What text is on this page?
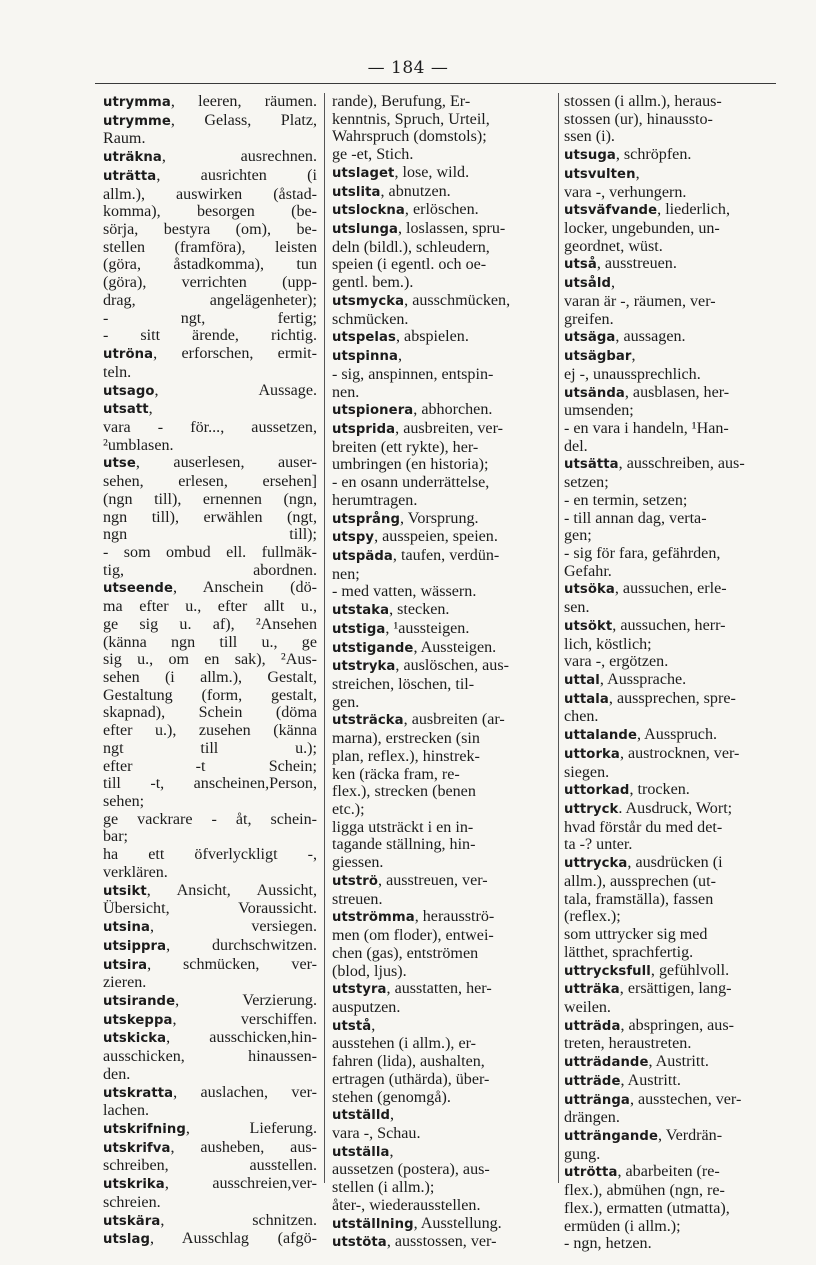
— 184 —
utrymma, leeren, räumen.
utrymme, Gelass, Platz,
Raum.
uträkna, ausrechnen.
uträtta, ausrichten (i
allm.), auswirken (åstad-
komma), besorgen (be-
sörja, bestyra (om), be-
stellen (framföra), leisten
(göra, åstadkomma), tun
(göra), verrichten (upp-
drag, angelägenheter);
- ngt, fertig;
- sitt ärende, richtig.
utröna, erforschen, ermit-
teln.
utsago, Aussage.
utsatt,
vara - för..., aussetzen,
²umblasen.
utse, auserlesen, auser-
sehen, erlesen, ersehen]
(ngn till), ernennen (ngn,
ngn till), erwählen (ngt,
ngn till);
- som ombud ell. fullmäk-
tig, abordnen.
utseende, Anschein (dö-
ma efter u., efter allt u.,
ge sig u. af), ²Ansehen
(känna ngn till u., ge
sig u., om en sak), ²Aus-
sehen (i allm.), Gestalt,
Gestaltung (form, gestalt,
skapnad), Schein (döma
efter u.), zusehen (känna
ngt till u.);
efter -t Schein;
till -t, anscheinen,Person,
sehen;
ge vackrare - åt, schein-
bar;
ha ett öfverlyckligt -,
verklären.
utsikt, Ansicht, Aussicht,
Übersicht, Voraussicht.
utsina, versiegen.
utsippra, durchschwitzen.
utsira, schmücken, ver-
zieren.
utsirande, Verzierung.
utskeppa, verschiffen.
utskicka, ausschicken,hin-
ausschicken, hinaussen-
den.
utskratta, auslachen, ver-
lachen.
utskrifning, Lieferung.
utskrifva, ausheben, aus-
schreiben, ausstellen.
utskrika, ausschreien,ver-
schreien.
utskära, schnitzen.
utslag, Ausschlag (afgö-
rande), Berufung, Er-
kenntnis, Spruch, Urteil,
Wahrspruch (domstols);
ge -et, Stich.
utslaget, lose, wild.
utslita, abnutzen.
utslockna, erlöschen.
utslunga, loslassen, spru-
deln (bildl.), schleudern,
speien (i egentl. och oe-
gentl. bem.).
utsmycka, ausschmücken,
schmücken.
utspelas, abspielen.
utspinna,
- sig, anspinnen, entspin-
nen.
utspionera, abhorchen.
utsprida, ausbreiten, ver-
breiten (ett rykte), her-
umbringen (en historia);
- en osann underrättelse,
herumtragen.
utsprång, Vorsprung.
utspy, ausspeien, speien.
utspäda, taufen, verdün-
nen;
- med vatten, wässern.
utstaka, stecken.
utstiga, ¹aussteigen.
utstigande, Aussteigen.
utstryka, auslöschen, aus-
streichen, löschen, til-
gen.
utsträcka, ausbreiten (ar-
marna), erstrecken (sin
plan, reflex.), hinstrek-
ken (räcka fram, re-
flex.), strecken (benen
etc.);
ligga utsträckt i en in-
tagande ställning, hin-
giessen.
utströ, ausstreuen, ver-
streuen.
utströmma, herausströ-
men (om floder), entwei-
chen (gas), entströmen
(blod, ljus).
utstyra, ausstatten, her-
ausputzen.
utstå,
ausstehen (i allm.), er-
fahren (lida), aushalten,
ertragen (uthärda), über-
stehen (genomgå).
utställd,
vara -, Schau.
utställa,
aussetzen (postera), aus-
stellen (i allm.);
åter-, wiederausstellen.
utställning, Ausstellung.
utstöta, ausstossen, ver-
stossen (i allm.), heraus-
stossen (ur), hinaussto-
ssen (i).
utsuga, schröpfen.
utsvulten,
vara -, verhungern.
utsväfvande, liederlich,
locker, ungebunden, un-
geordnet, wüst.
utså, ausstreuen.
utsåld,
varan är -, räumen, ver-
greifen.
utsäga, aussagen.
utsägbar,
ej -, unaussprechlich.
utsända, ausblasen, her-
umsenden;
- en vara i handeln, ¹Han-
del.
utsätta, ausschreiben, aus-
setzen;
- en termin, setzen;
- till annan dag, verta-
gen;
- sig för fara, gefährden,
Gefahr.
utsöka, aussuchen, erle-
sen.
utsökt, aussuchen, herr-
lich, köstlich;
vara -, ergötzen.
uttal, Aussprache.
uttala, aussprechen, spre-
chen.
uttalande, Ausspruch.
uttorka, austrocknen, ver-
siegen.
uttorkad, trocken.
uttryck. Ausdruck, Wort;
hvad förstår du med det-
ta -? unter.
uttrycka, ausdrücken (i
allm.), aussprechen (ut-
tala, framställa), fassen
(reflex.);
som uttrycker sig med
lätthet, sprachfertig.
uttrycksfull, gefühlvoll.
utträka, ersättigen, lang-
weilen.
utträda, abspringen, aus-
treten, heraustreten.
utträdande, Austritt.
utträde, Austritt.
uttränga, ausstechen, ver-
drängen.
utträngande, Verdrän-
gung.
utrötta, abarbeiten (re-
flex.), abmühen (ngn, re-
flex.), ermatten (utmatta),
ermüden (i allm.);
- ngn, hetzen.
